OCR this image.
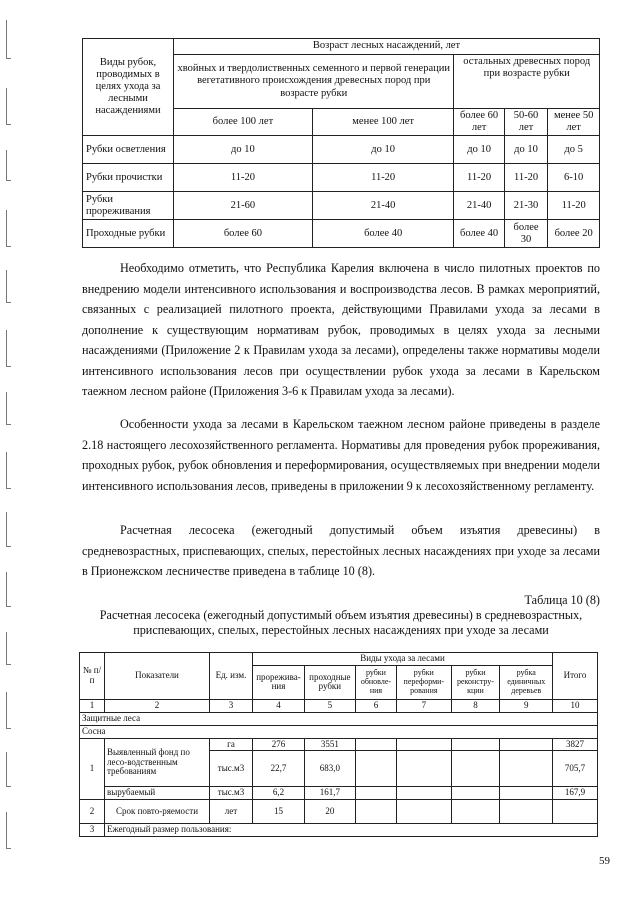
Виды рубок, проводимых в целях ухода за лесными насаждениями	Возраст лесных насаждений, лет				
	хвойных и твердолиственных семенного и первой генерации вегетативного происхождения древесных пород при возрасте рубки		остальных древесных пород при возрасте рубки		
	более 100 лет	менее 100 лет	более 60 лет	50-60 лет	менее 50 лет
Рубки осветления	до 10	до 10	до 10	до 10	до 5
Рубки прочистки	11-20	11-20	11-20	11-20	6-10
Рубки прореживания	21-60	21-40	21-40	21-30	11-20
Проходные рубки	более 60	более 40	более 40	более 30	более 20
Необходимо отметить, что Республика Карелия включена в число пилотных проектов по внедрению модели интенсивного использования и воспроизводства лесов. В рамках мероприятий, связанных с реализацией пилотного проекта, действующими Правилами ухода за лесами в дополнение к существующим нормативам рубок, проводимых в целях ухода за лесными насаждениями (Приложение 2 к Правилам ухода за лесами), определены также нормативы модели интенсивного использования лесов при осуществлении рубок ухода за лесами в Карельском таежном лесном районе (Приложения 3-6 к Правилам ухода за лесами).
Особенности ухода за лесами в Карельском таежном лесном районе приведены в разделе 2.18 настоящего лесохозяйственного регламента. Нормативы для проведения рубок прореживания, проходных рубок, рубок обновления и переформирования, осуществляемых при внедрении модели интенсивного использования лесов, приведены в приложении 9 к лесохозяйственному регламенту.
Расчетная лесосека (ежегодный допустимый объем изъятия древесины) в средневозрастных, приспевающих, спелых, перестойных лесных насаждениях при уходе за лесами в Прионежском лесничестве приведена в таблице 10 (8).
Таблица 10 (8)
Расчетная лесосека (ежегодный допустимый объем изъятия древесины) в средневозрастных, приспевающих, спелых, перестойных лесных насаждениях при уходе за лесами
№ п/п	Показатели	Ед. изм.	Виды ухода за лесами						Итого
			прорежива-ния	проходные рубки	рубки обновле-ния	рубки переформи-рования	рубки реконстру-кции	рубка единичных деревьев	
1	2	3	4	5	6	7	8	9	10
Защитные леса									
Сосна									
1	Выявленный фонд по лесо-водственным требованиям	га	276	3551					3827
		тыс.м3	22,7	683,0					705,7
	вырубаемый	тыс.м3	6,2	161,7					167,9
2	Срок повто-ряемости	лет	15	20					
3	Ежегодный размер пользования:								
59
